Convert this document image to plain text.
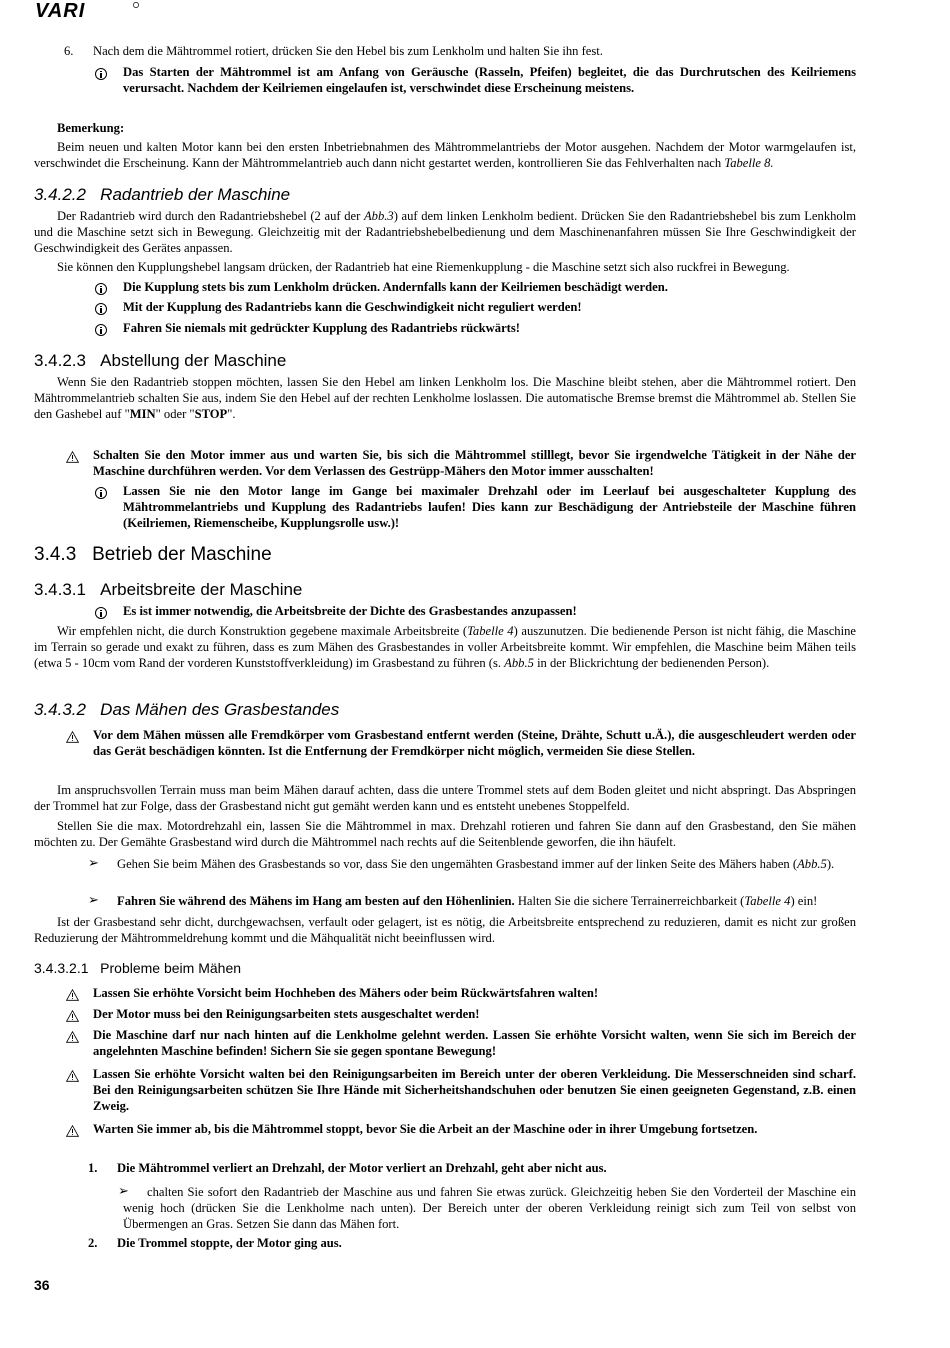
VARI
6. Nach dem die Mähtrommel rotiert, drücken Sie den Hebel bis zum Lenkholm und halten Sie ihn fest.

Das Starten der Mähtrommel ist am Anfang von Geräusche (Rasseln, Pfeifen) begleitet, die das Durchrutschen des Keilriemens verursacht. Nachdem der Keilriemen eingelaufen ist, verschwindet diese Erscheinung meistens.

Bemerkung:

Beim neuen und kalten Motor kann bei den ersten Inbetriebnahmen des Mähtrommelantriebs der Motor ausgehen. Nachdem der Motor warmgelaufen ist, verschwindet die Erscheinung. Kann der Mähtrommelantrieb auch dann nicht gestartet werden, kontrollieren Sie das Fehlverhalten nach Tabelle 8.

3.4.2.2 Radantrieb der Maschine

Der Radantrieb wird durch den Radantriebshebel (2 auf der Abb.3) auf dem linken Lenkholm bedient. Drücken Sie den Radantriebshebel bis zum Lenkholm und die Maschine setzt sich in Bewegung. Gleichzeitig mit der Radantriebshebelbedienung und dem Maschinenanfahren müssen Sie Ihre Geschwindigkeit der Geschwindigkeit des Gerätes anpassen.

Sie können den Kupplungshebel langsam drücken, der Radantrieb hat eine Riemenkupplung - die Maschine setzt sich also ruckfrei in Bewegung.

Die Kupplung stets bis zum Lenkholm drücken. Andernfalls kann der Keilriemen beschädigt werden.

Mit der Kupplung des Radantriebs kann die Geschwindigkeit nicht reguliert werden!

Fahren Sie niemals mit gedrückter Kupplung des Radantriebs rückwärts!

3.4.2.3 Abstellung der Maschine

Wenn Sie den Radantrieb stoppen möchten, lassen Sie den Hebel am linken Lenkholm los. Die Maschine bleibt stehen, aber die Mähtrommel rotiert. Den Mähtrommelantrieb schalten Sie aus, indem Sie den Hebel auf der rechten Lenkholme loslassen. Die automatische Bremse bremst die Mähtrommel ab. Stellen Sie den Gashebel auf "MIN" oder "STOP".

Schalten Sie den Motor immer aus und warten Sie, bis sich die Mähtrommel stilllegt, bevor Sie irgendwelche Tätigkeit in der Nähe der Maschine durchführen werden. Vor dem Verlassen des Gestrüpp-Mähers den Motor immer ausschalten!

Lassen Sie nie den Motor lange im Gange bei maximaler Drehzahl oder im Leerlauf bei ausgeschalteter Kupplung des Mähtrommelantriebs und Kupplung des Radantriebs laufen! Dies kann zur Beschädigung der Antriebsteile der Maschine führen (Keilriemen, Riemenscheibe, Kupplungsrolle usw.)!

3.4.3 Betrieb der Maschine
3.4.3.1 Arbeitsbreite der Maschine

Es ist immer notwendig, die Arbeitsbreite der Dichte des Grasbestandes anzupassen!

Wir empfehlen nicht, die durch Konstruktion gegebene maximale Arbeitsbreite (Tabelle 4) auszunutzen. Die bedienende Person ist nicht fähig, die Maschine im Terrain so gerade und exakt zu führen, dass es zum Mähen des Grasbestandes in voller Arbeitsbreite kommt. Wir empfehlen, die Maschine beim Mähen teils (etwa 5 - 10cm vom Rand der vorderen Kunststoffverkleidung) im Grasbestand zu führen (s. Abb.5 in der Blickrichtung der bedienenden Person).

3.4.3.2 Das Mähen des Grasbestandes

Vor dem Mähen müssen alle Fremdkörper vom Grasbestand entfernt werden (Steine, Drähte, Schutt u.Ä.), die ausgeschleudert werden oder das Gerät beschädigen könnten. Ist die Entfernung der Fremdkörper nicht möglich, vermeiden Sie diese Stellen.

Im anspruchsvollen Terrain muss man beim Mähen darauf achten, dass die untere Trommel stets auf dem Boden gleitet und nicht abspringt. Das Abspringen der Trommel hat zur Folge, dass der Grasbestand nicht gut gemäht werden kann und es entsteht unebenes Stoppelfeld.

Stellen Sie die max. Motordrehzahl ein, lassen Sie die Mähtrommel in max. Drehzahl rotieren und fahren Sie dann auf den Grasbestand, den Sie mähen möchten zu. Der Gemähte Grasbestand wird durch die Mähtrommel nach rechts auf die Seitenblende geworfen, die ihn häufelt.

➢	Gehen Sie beim Mähen des Grasbestands so vor, dass Sie den ungemähten Grasbestand immer auf der linken Seite des Mähers haben (Abb.5).

➢	Fahren Sie während des Mähens im Hang am besten auf den Höhenlinien. Halten Sie die sichere Terrainerreichbarkeit (Tabelle 4) ein!

Ist der Grasbestand sehr dicht, durchgewachsen, verfault oder gelagert, ist es nötig, die Arbeitsbreite entsprechend zu reduzieren, damit es nicht zur großen Reduzierung der Mähtrommeldrehung kommt und die Mähqualität nicht beeinflussen wird.

3.4.3.2.1 Probleme beim Mähen

Lassen Sie erhöhte Vorsicht beim Hochheben des Mähers oder beim Rückwärtsfahren walten!

Der Motor muss bei den Reinigungsarbeiten stets ausgeschaltet werden!

Die Maschine darf nur nach hinten auf die Lenkholme gelehnt werden. Lassen Sie erhöhte Vorsicht walten, wenn Sie sich im Bereich der angelehnten Maschine befinden! Sichern Sie sie gegen spontane Bewegung!

Lassen Sie erhöhte Vorsicht walten bei den Reinigungsarbeiten im Bereich unter der oberen Verkleidung. Die Messerschneiden sind scharf. Bei den Reinigungsarbeiten schützen Sie Ihre Hände mit Sicherheitshandschuhen oder benutzen Sie einen geeigneten Gegenstand, z.B. einen Zweig.

Warten Sie immer ab, bis die Mähtrommel stoppt, bevor Sie die Arbeit an der Maschine oder in ihrer Umgebung fortsetzen.

1. Die Mähtrommel verliert an Drehzahl, der Motor verliert an Drehzahl, geht aber nicht aus.

➢	chalten Sie sofort den Radantrieb der Maschine aus und fahren Sie etwas zurück. Gleichzeitig heben Sie den Vorderteil der Maschine ein wenig hoch (drücken Sie die Lenkholme nach unten). Der Bereich unter der oberen Verkleidung reinigt sich zum Teil von selbst von Übermengen an Gras. Setzen Sie dann das Mähen fort.

2. Die Trommel stoppte, der Motor ging aus.

36
